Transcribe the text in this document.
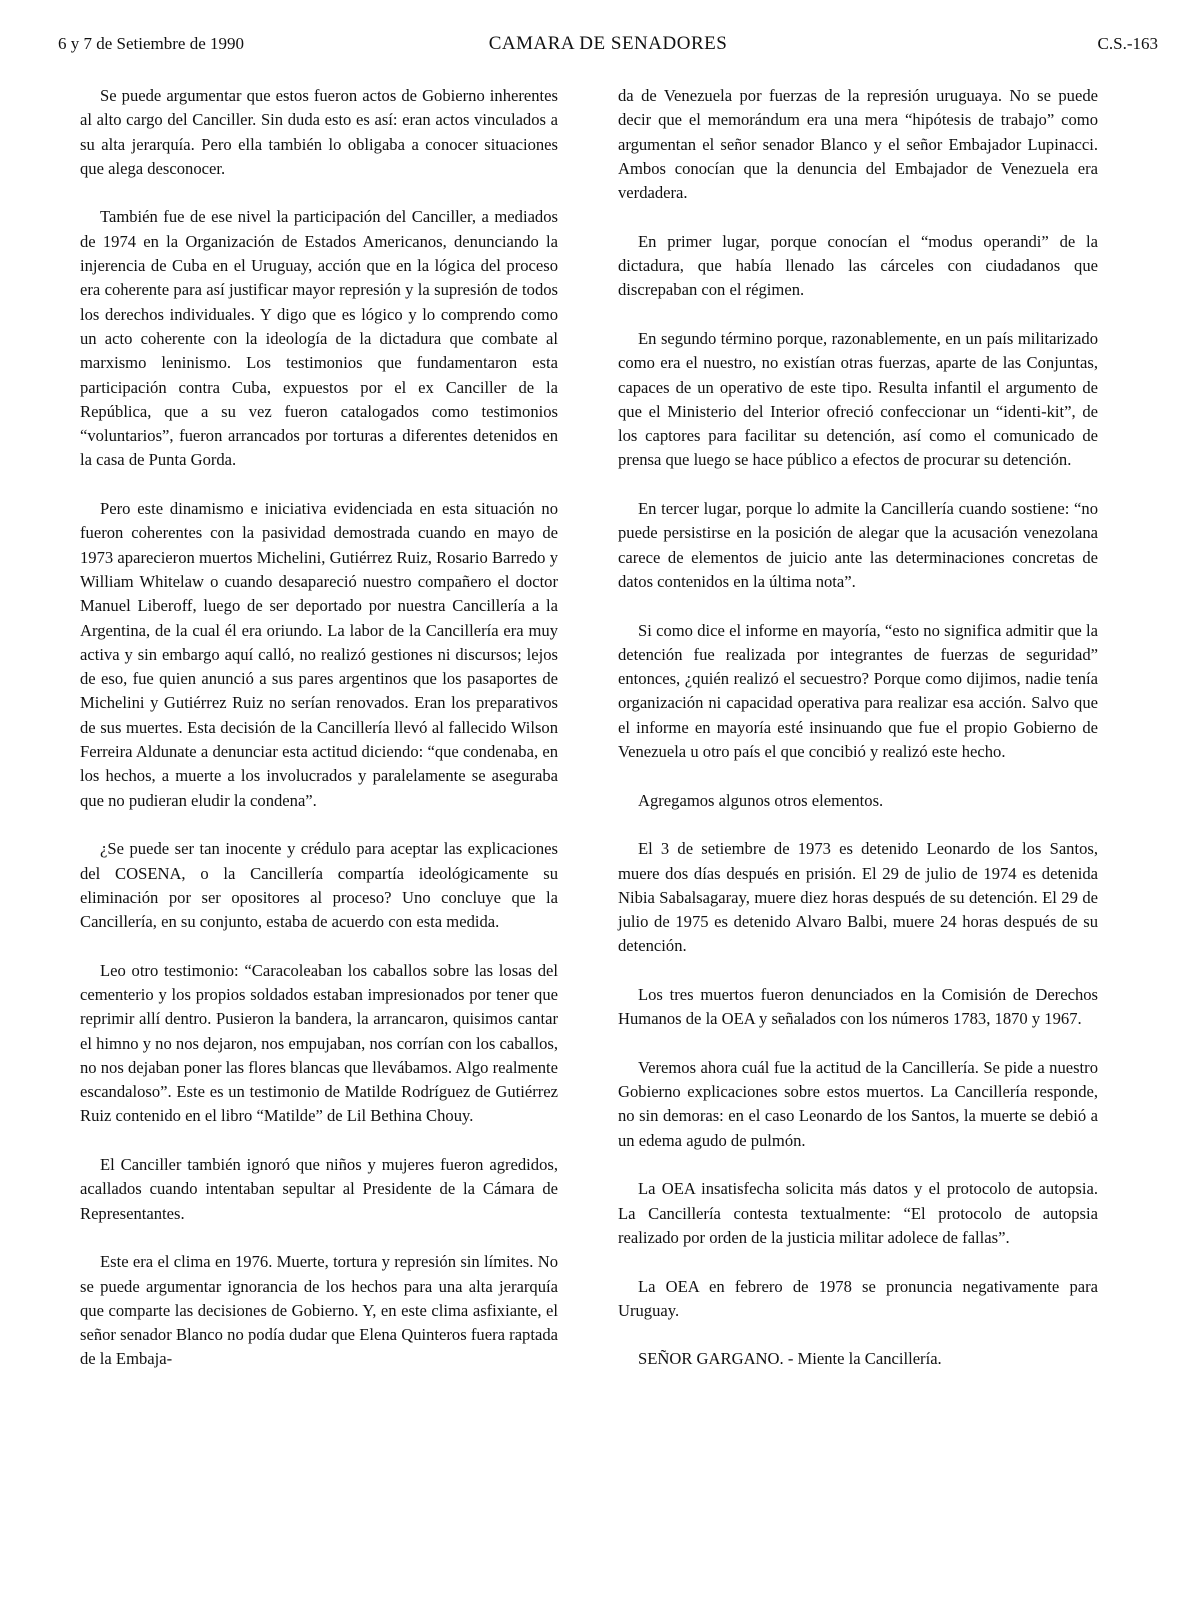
6 y 7 de Setiembre de 1990	CAMARA DE SENADORES	C.S.-163

Se puede argumentar que estos fueron actos de Gobierno inherentes al alto cargo del Canciller. Sin duda esto es así: eran actos vinculados a su alta jerarquía. Pero ella también lo obligaba a conocer situaciones que alega desconocer.

También fue de ese nivel la participación del Canciller, a mediados de 1974 en la Organización de Estados Americanos, denunciando la injerencia de Cuba en el Uruguay, acción que en la lógica del proceso era coherente para así justificar mayor represión y la supresión de todos los derechos individuales. Y digo que es lógico y lo comprendo como un acto coherente con la ideología de la dictadura que combate al marxismo leninismo. Los testimonios que fundamentaron esta participación contra Cuba, expuestos por el ex Canciller de la República, que a su vez fueron catalogados como testimonios “voluntarios”, fueron arrancados por torturas a diferentes detenidos en la casa de Punta Gorda.

Pero este dinamismo e iniciativa evidenciada en esta situación no fueron coherentes con la pasividad demostrada cuando en mayo de 1973 aparecieron muertos Michelini, Gutiérrez Ruiz, Rosario Barredo y William Whitelaw o cuando desapareció nuestro compañero el doctor Manuel Liberoff, luego de ser deportado por nuestra Cancillería a la Argentina, de la cual él era oriundo. La labor de la Cancillería era muy activa y sin embargo aquí calló, no realizó gestiones ni discursos; lejos de eso, fue quien anunció a sus pares argentinos que los pasaportes de Michelini y Gutiérrez Ruiz no serían renovados. Eran los preparativos de sus muertes. Esta decisión de la Cancillería llevó al fallecido Wilson Ferreira Aldunate a denunciar esta actitud diciendo: “que condenaba, en los hechos, a muerte a los involucrados y paralelamente se aseguraba que no pudieran eludir la condena”.

¿Se puede ser tan inocente y crédulo para aceptar las explicaciones del COSENA, o la Cancillería compartía ideológicamente su eliminación por ser opositores al proceso? Uno concluye que la Cancillería, en su conjunto, estaba de acuerdo con esta medida.

Leo otro testimonio: “Caracoleaban los caballos sobre las losas del cementerio y los propios soldados estaban impresionados por tener que reprimir allí dentro. Pusieron la bandera, la arrancaron, quisimos cantar el himno y no nos dejaron, nos empujaban, nos corrían con los caballos, no nos dejaban poner las flores blancas que llevábamos. Algo realmente escandaloso”. Este es un testimonio de Matilde Rodríguez de Gutiérrez Ruiz contenido en el libro “Matilde” de Lil Bethina Chouy.

El Canciller también ignoró que niños y mujeres fueron agredidos, acallados cuando intentaban sepultar al Presidente de la Cámara de Representantes.

Este era el clima en 1976. Muerte, tortura y represión sin límites. No se puede argumentar ignorancia de los hechos para una alta jerarquía que comparte las decisiones de Gobierno. Y, en este clima asfixiante, el señor senador Blanco no podía dudar que Elena Quinteros fuera raptada de la Embaja-

da de Venezuela por fuerzas de la represión uruguaya. No se puede decir que el memorándum era una mera “hipótesis de trabajo” como argumentan el señor senador Blanco y el señor Embajador Lupinacci. Ambos conocían que la denuncia del Embajador de Venezuela era verdadera.

En primer lugar, porque conocían el “modus operandi” de la dictadura, que había llenado las cárceles con ciudadanos que discrepaban con el régimen.

En segundo término porque, razonablemente, en un país militarizado como era el nuestro, no existían otras fuerzas, aparte de las Conjuntas, capaces de un operativo de este tipo. Resulta infantil el argumento de que el Ministerio del Interior ofreció confeccionar un “identi-kit”, de los captores para facilitar su detención, así como el comunicado de prensa que luego se hace público a efectos de procurar su detención.

En tercer lugar, porque lo admite la Cancillería cuando sostiene: “no puede persistirse en la posición de alegar que la acusación venezolana carece de elementos de juicio ante las determinaciones concretas de datos contenidos en la última nota”.

Si como dice el informe en mayoría, “esto no significa admitir que la detención fue realizada por integrantes de fuerzas de seguridad” entonces, ¿quién realizó el secuestro? Porque como dijimos, nadie tenía organización ni capacidad operativa para realizar esa acción. Salvo que el informe en mayoría esté insinuando que fue el propio Gobierno de Venezuela u otro país el que concibió y realizó este hecho.

Agregamos algunos otros elementos.

El 3 de setiembre de 1973 es detenido Leonardo de los Santos, muere dos días después en prisión. El 29 de julio de 1974 es detenida Nibia Sabalsagaray, muere diez horas después de su detención. El 29 de julio de 1975 es detenido Alvaro Balbi, muere 24 horas después de su detención.

Los tres muertos fueron denunciados en la Comisión de Derechos Humanos de la OEA y señalados con los números 1783, 1870 y 1967.

Veremos ahora cuál fue la actitud de la Cancillería. Se pide a nuestro Gobierno explicaciones sobre estos muertos. La Cancillería responde, no sin demoras: en el caso Leonardo de los Santos, la muerte se debió a un edema agudo de pulmón.

La OEA insatisfecha solicita más datos y el protocolo de autopsia. La Cancillería contesta textualmente: “El protocolo de autopsia realizado por orden de la justicia militar adolece de fallas”.

La OEA en febrero de 1978 se pronuncia negativamente para Uruguay.

SEÑOR GARGANO. - Miente la Cancillería.
